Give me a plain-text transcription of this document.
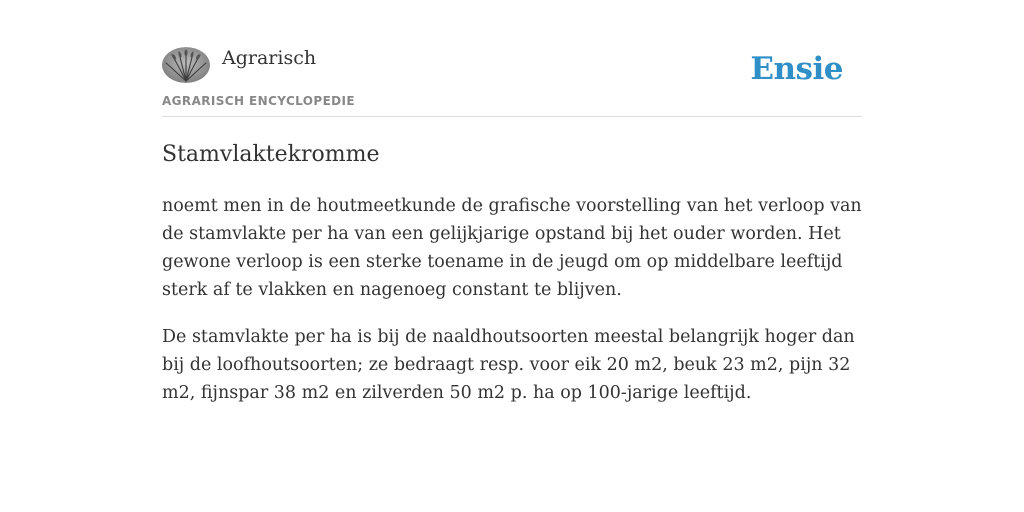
Agrarisch
AGRARISCH ENCYCLOPEDIE
Ensie
Stamvlaktekromme

noemt men in de houtmeetkunde de grafische voorstelling van het verloop van de stamvlakte per ha van een gelijkjarige opstand bij het ouder worden. Het gewone verloop is een sterke toename in de jeugd om op middelbare leeftijd sterk af te vlakken en nagenoeg constant te blijven.

De stamvlakte per ha is bij de naaldhoutsoorten meestal belangrijk hoger dan bij de loofhoutsoorten; ze bedraagt resp. voor eik 20 m2, beuk 23 m2, pijn 32 m2, fijnspar 38 m2 en zilverden 50 m2 p. ha op 100-jarige leeftijd.
